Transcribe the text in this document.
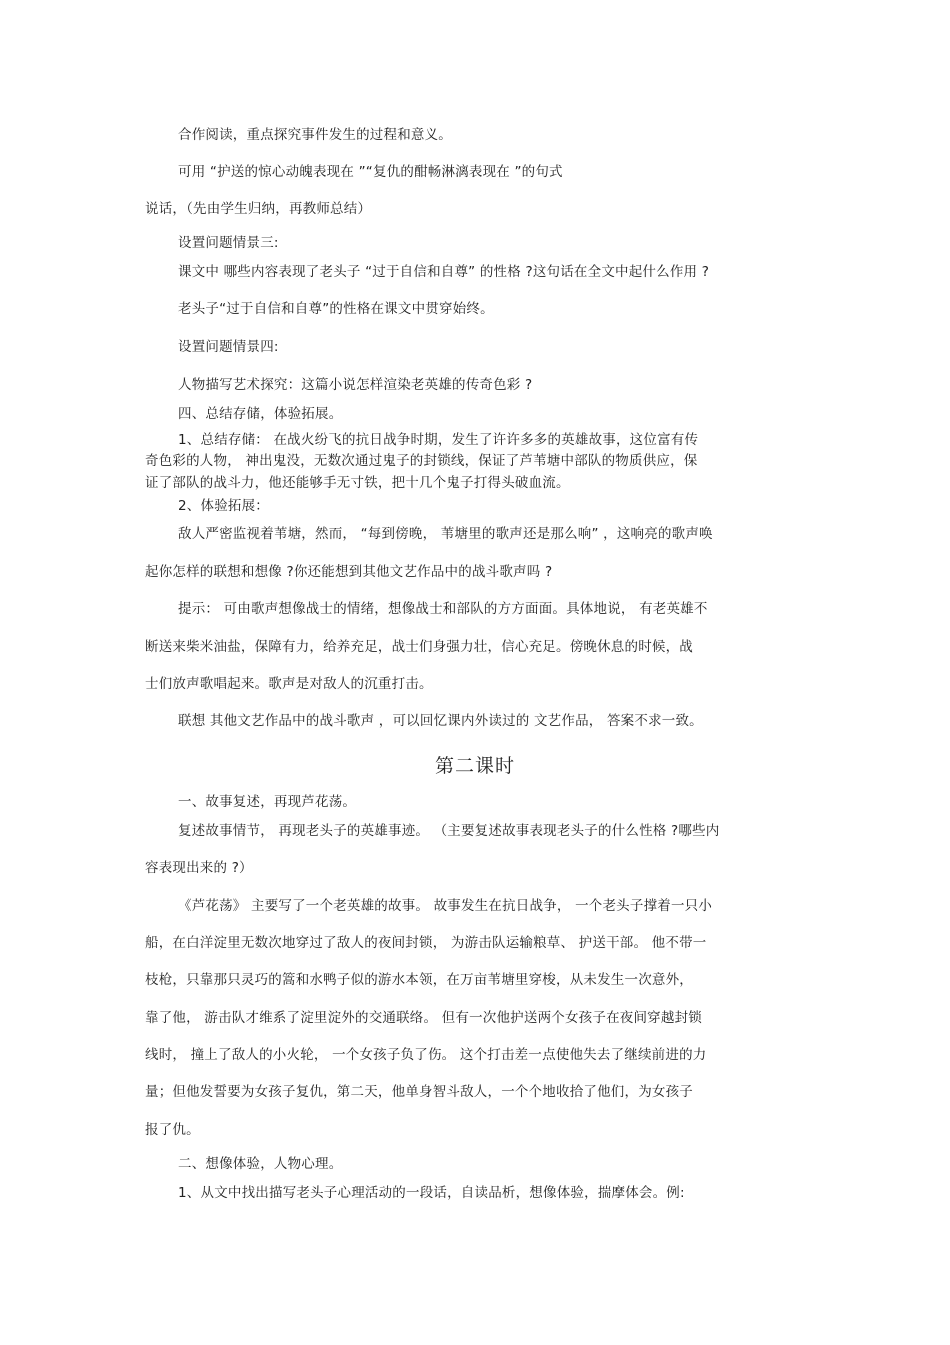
合作阅读，重点探究事件发生的过程和意义。

可用 “护送的惊心动魄表现在 ”“复仇的酣畅淋漓表现在 ”的句式

说话，（先由学生归纳，再教师总结）

设置问题情景三:

课文中 哪些内容表现了老头子 “过于自信和自尊” 的性格 ?这句话在全文中起什么作用 ?

老头子“过于自信和自尊”的性格在课文中贯穿始终。

设置问题情景四:

人物描写艺术探究：这篇小说怎样渲染老英雄的传奇色彩 ?

四、总结存储，体验拓展。

1、总结存储： 在战火纷飞的抗日战争时期，发生了许许多多的英雄故事，这位富有传

奇色彩的人物， 神出鬼没，无数次通过鬼子的封锁线，保证了芦苇塘中部队的物质供应，保

证了部队的战斗力，他还能够手无寸铁，把十几个鬼子打得头破血流。

2、体验拓展：

敌人严密监视着苇塘，然而， “每到傍晚， 苇塘里的歌声还是那么响” ，这响亮的歌声唤

起你怎样的联想和想像 ?你还能想到其他文艺作品中的战斗歌声吗 ?

提示： 可由歌声想像战士的情绪，想像战士和部队的方方面面。具体地说， 有老英雄不

断送来柴米油盐，保障有力，给养充足，战士们身强力壮，信心充足。傍晚休息的时候，战

士们放声歌唱起来。歌声是对敌人的沉重打击。

联想 其他文艺作品中的战斗歌声 ，可以回忆课内外读过的 文艺作品， 答案不求一致。

第二课时

一、故事复述，再现芦花荡。

复述故事情节， 再现老头子的英雄事迹。 （主要复述故事表现老头子的什么性格 ?哪些内

容表现出来的 ?）

《芦花荡》 主要写了一个老英雄的故事。 故事发生在抗日战争， 一个老头子撑着一只小

船，在白洋淀里无数次地穿过了敌人的夜间封锁， 为游击队运输粮草、 护送干部。 他不带一

枝枪，只靠那只灵巧的篙和水鸭子似的游水本领，在万亩苇塘里穿梭，从未发生一次意外，

靠了他， 游击队才维系了淀里淀外的交通联络。 但有一次他护送两个女孩子在夜间穿越封锁

线时， 撞上了敌人的小火轮， 一个女孩子负了伤。 这个打击差一点使他失去了继续前进的力

量；但他发誓要为女孩子复仇，第二天，他单身智斗敌人，一个个地收拾了他们，为女孩子

报了仇。

二、想像体验，人物心理。

1、从文中找出描写老头子心理活动的一段话，自读品析，想像体验，揣摩体会。例:
